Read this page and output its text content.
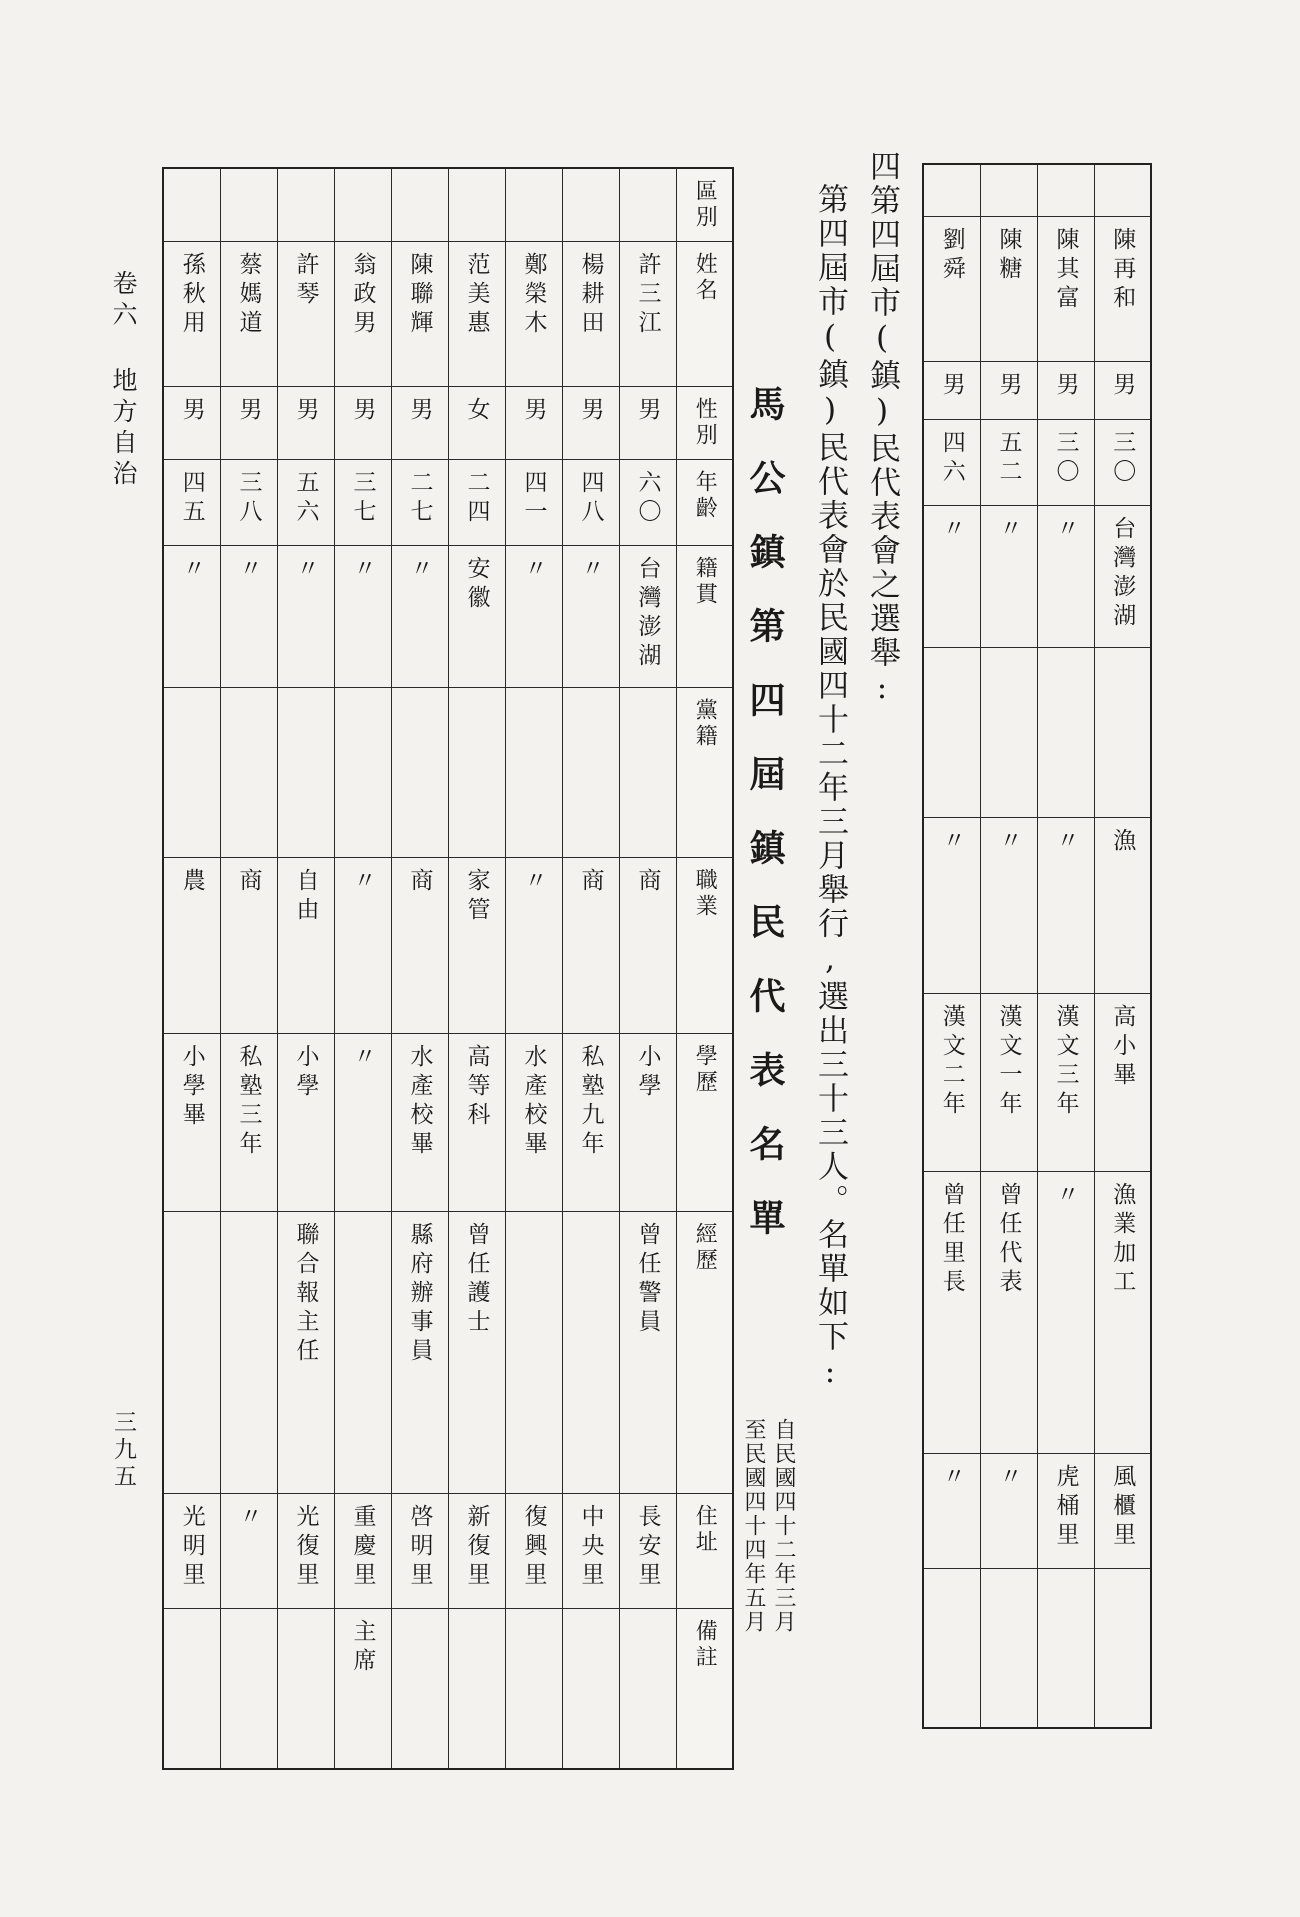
卷六 地方自治
三九五

陳再和	陳其富	陳糖	劉舜
男	男	男	男
三〇	三〇	五二	四六
台灣澎湖	〃	〃	〃

漁	〃	〃	〃
高小畢	漢文三年	漢文一年	漢文二年
漁業加工	〃	曾任代表	曾任里長
風櫃里	虎桶里	〃	〃

四第四屆市(鎮)民代表會之選舉:
第四屆市(鎮)民代表會於民國四十二年三月舉行,選出三十三人。名單如下:
馬公鎮第四屆鎮民代表名單
自民國四十二年三月
至民國四十四年五月
區別									
姓名	許三江	楊耕田	鄭榮木	范美惠	陳聯輝	翁政男	許琴	蔡媽道	孫秋用
性別	男	男	男	女	男	男	男	男	男
年齡	六〇	四八	四一	二四	二七	三七	五六	三八	四五
籍貫	台灣澎湖	〃	〃	安徽	〃	〃	〃	〃	〃
黨籍									
職業	商	商	〃	家管	商	〃	自由	商	農
學歷	小學	私塾九年	水產校畢	高等科	水產校畢	〃	小學	私塾三年	小學畢
經歷	曾任警員			曾任護士	縣府辦事員		聯合報主任		
住址	長安里	中央里	復興里	新復里	啓明里	重慶里	光復里	〃	光明里
備註						主席			
